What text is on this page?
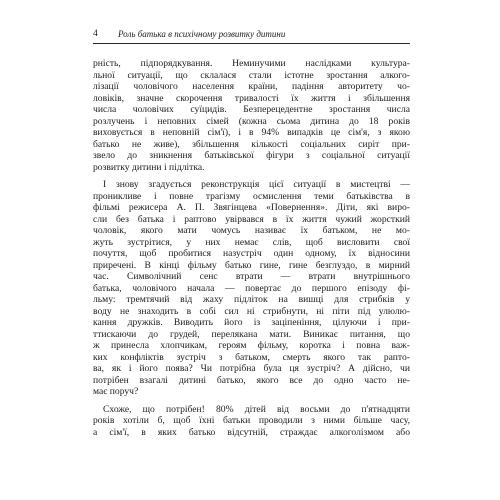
4 Роль батька в психічному розвитку дитини
рність, підпорядкування. Неминучими наслідками культура-
льної ситуації, що склалася стали істотне зростання алкого-
лізації чоловічого населення країни, падіння авторитету чо-
ловіків, значне скорочення тривалості їх життя і збільшення
числа чоловічих суїцидів. Безперецедентне зростання числа
розлучень і неповних сімей (кожна сьома дитина до 18 років
виховується в неповній сім'ї), і в 94% випадків це сім'я, з якою
батько не живе), збільшення кількості соціальних сиріт при-
звело до зникнення батьківської фігури з соціальної ситуації
розвитку дитини і підлітка.
І знову згадується реконструкція цієї ситуації в мистецтві —
проникливе і повне трагізму осмислення теми батьківства в
фільмі режисера А. П. Звягінцева «Повернення». Діти, які виро-
сли без батька і раптово увірвався в їх життя чужий жорсткий
чоловік, якого мати чомусь називає їх батьком, не мо-
жуть зустрітися, у них немає слів, щоб висловити свої
почуття, щоб пробитися назустріч один одному, їх відносини
приречені. В кінці фільму батько гине, гине безглуздо, в мирний
час. Символічний сенс втрати — втрати внутрішнього
батька, чоловічого начала — повертає до першого епізоду фі-
льму: тремтячий від жаху підліток на вишці для стрибків у
воду не знаходить в собі сил ні стрибнути, ні піти під улюлю-
кання дружків. Виводить його із заціпеніння, цілуючи і при-
ттискаючи до грудей, перелякана мати. Виникає питання, що
ж принесла хлопчикам, героям фільму, коротка і повна важ-
ких конфліктів зустріч з батьком, смерть якого так рапто-
ва, як і його поява? Чи потрібна була ця зустріч? А дійсно, чи
потрібен взагалі дитині батько, якого все до одно часто не-
має поруч?
Схоже, що потрібен! 80% дітей від восьми до п'ятнадцяти
років хотіли б, щоб їхні батьки проводили з ними більше часу,
а сім'ї, в яких батько відсутній, страждає алкоголізмом або
